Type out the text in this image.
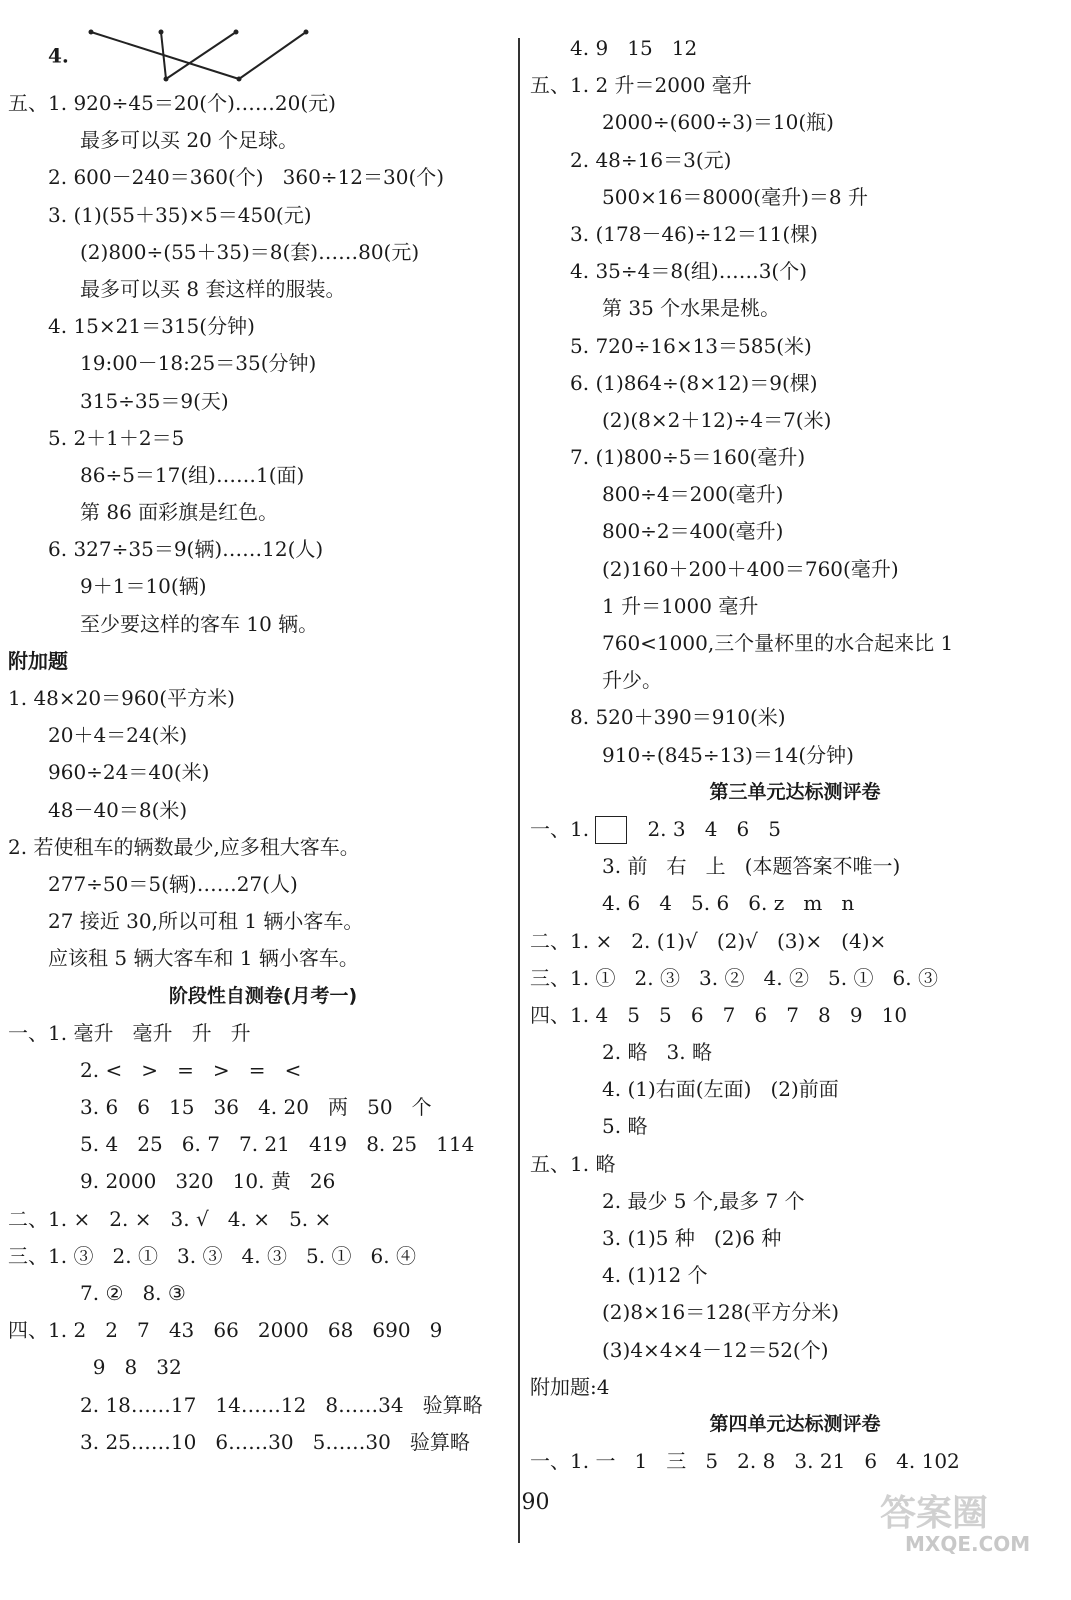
4.
五、1. 920÷45＝20(个)……20(元)
最多可以买 20 个足球。
2. 600－240＝360(个)   360÷12＝30(个)
3. (1)(55＋35)×5＝450(元)
(2)800÷(55＋35)＝8(套)……80(元)
最多可以买 8 套这样的服装。
4. 15×21＝315(分钟)
19:00－18:25＝35(分钟)
315÷35＝9(天)
5. 2＋1＋2＝5
86÷5＝17(组)……1(面)
第 86 面彩旗是红色。
6. 327÷35＝9(辆)……12(人)
9＋1＝10(辆)
至少要这样的客车 10 辆。
附加题
1. 48×20＝960(平方米)
20＋4＝24(米)
960÷24＝40(米)
48－40＝8(米)
2. 若使租车的辆数最少,应多租大客车。
277÷50＝5(辆)……27(人)
27 接近 30,所以可租 1 辆小客车。
应该租 5 辆大客车和 1 辆小客车。
阶段性自测卷(月考一)
一、1. 毫升   毫升   升   升
2. <   >   =   >   =   <
3. 6   6   15   36   4. 20   两   50   个
5. 4   25   6. 7   7. 21   419   8. 25   114
9. 2000   320   10. 黄   26
二、1. ×   2. ×   3. √   4. ×   5. ×
三、1. ③   2. ①   3. ③   4. ③   5. ①   6. ④
7. ②   8. ③
四、1. 2   2   7   43   66   2000   68   690   9
9   8   32
2. 18……17   14……12   8……34   验算略
3. 25……10   6……30   5……30   验算略
4. 9   15   12
五、1. 2 升＝2000 毫升
2000÷(600÷3)＝10(瓶)
2. 48÷16＝3(元)
500×16＝8000(毫升)＝8 升
3. (178－46)÷12＝11(棵)
4. 35÷4＝8(组)……3(个)
第 35 个水果是桃。
5. 720÷16×13＝585(米)
6. (1)864÷(8×12)＝9(棵)
(2)(8×2＋12)÷4＝7(米)
7. (1)800÷5＝160(毫升)
800÷4＝200(毫升)
800÷2＝400(毫升)
(2)160＋200＋400＝760(毫升)
1 升＝1000 毫升
760<1000,三个量杯里的水合起来比 1
升少。
8. 520＋390＝910(米)
910÷(845÷13)＝14(分钟)
第三单元达标测评卷
一、1.	2. 3   4   6   5
3. 前   右   上   (本题答案不唯一)
4. 6   4   5. 6   6. z   m   n
二、1. ×   2. (1)√   (2)√   (3)×   (4)×
三、1. ①   2. ③   3. ②   4. ②   5. ①   6. ③
四、1. 4   5   5   6   7   6   7   8   9   10
2. 略   3. 略
4. (1)右面(左面)   (2)前面
5. 略
五、1. 略
2. 最少 5 个,最多 7 个
3. (1)5 种   (2)6 种
4. (1)12 个
(2)8×16＝128(平方分米)
(3)4×4×4－12＝52(个)
附加题:4
第四单元达标测评卷
一、1. 一   1   三   5   2. 8   3. 21   6   4. 102
90	答案圈
MXQE.COM
